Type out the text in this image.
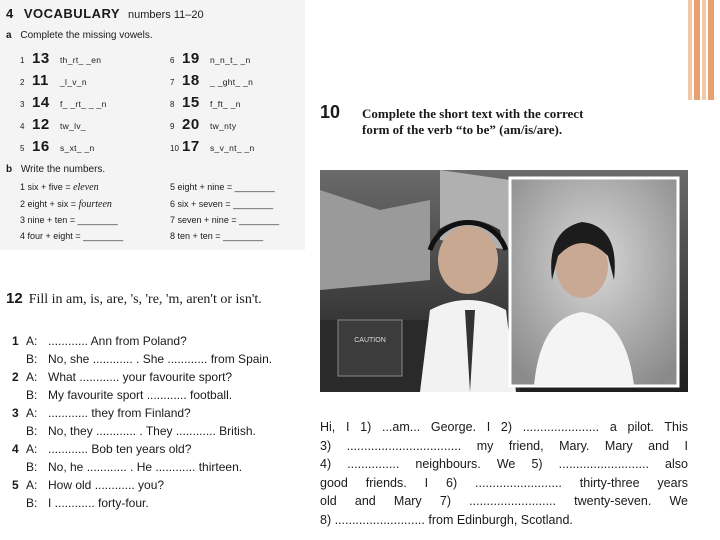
4 VOCABULARY numbers 11–20
a Complete the missing vowels.
1 13	th_rt_ _en
2 11	_l_v_n
3 14	f_ _rt_ _ _n
4 12	tw_lv_
5 16	s_xt_ _n
6 19	n_n_t_ _n
7 18	_ _ght_ _n
8 15	f_ft_ _n
9 20	tw_nty
10 17	s_v_nt_ _n
b Write the numbers.
1 six + five = eleven
2 eight + six = fourteen
3 nine + ten = ________
4 four + eight = ________
5 eight + nine = ________
6 six + seven = ________
7 seven + nine = ________
8 ten + ten = ________
12 Fill in am, is, are, 's, 're, 'm, aren't or isn't.
1 A: ............ Ann from Poland?
B: No, she ............ . She ............ from Spain.
2 A: What ............ your favourite sport?
B: My favourite sport ............ football.
3 A: ............ they from Finland?
B: No, they ............ . They ............ British.
4 A: ............ Bob ten years old?
B: No, he ............ . He ............ thirteen.
5 A: How old ............ you?
B: I ............ forty-four.
10 Complete the short text with the correct
form of the verb “to be” (am/is/are).
CAUTION
Hi, I 1) ...am... George. I 2) ...................... a pilot. This
3) ................................. my friend, Mary. Mary and I
4) ............... neighbours. We 5) .......................... also
good friends. I 6) ......................... thirty-three years
old and Mary 7) ......................... twenty-seven. We
8) .......................... from Edinburgh, Scotland.
